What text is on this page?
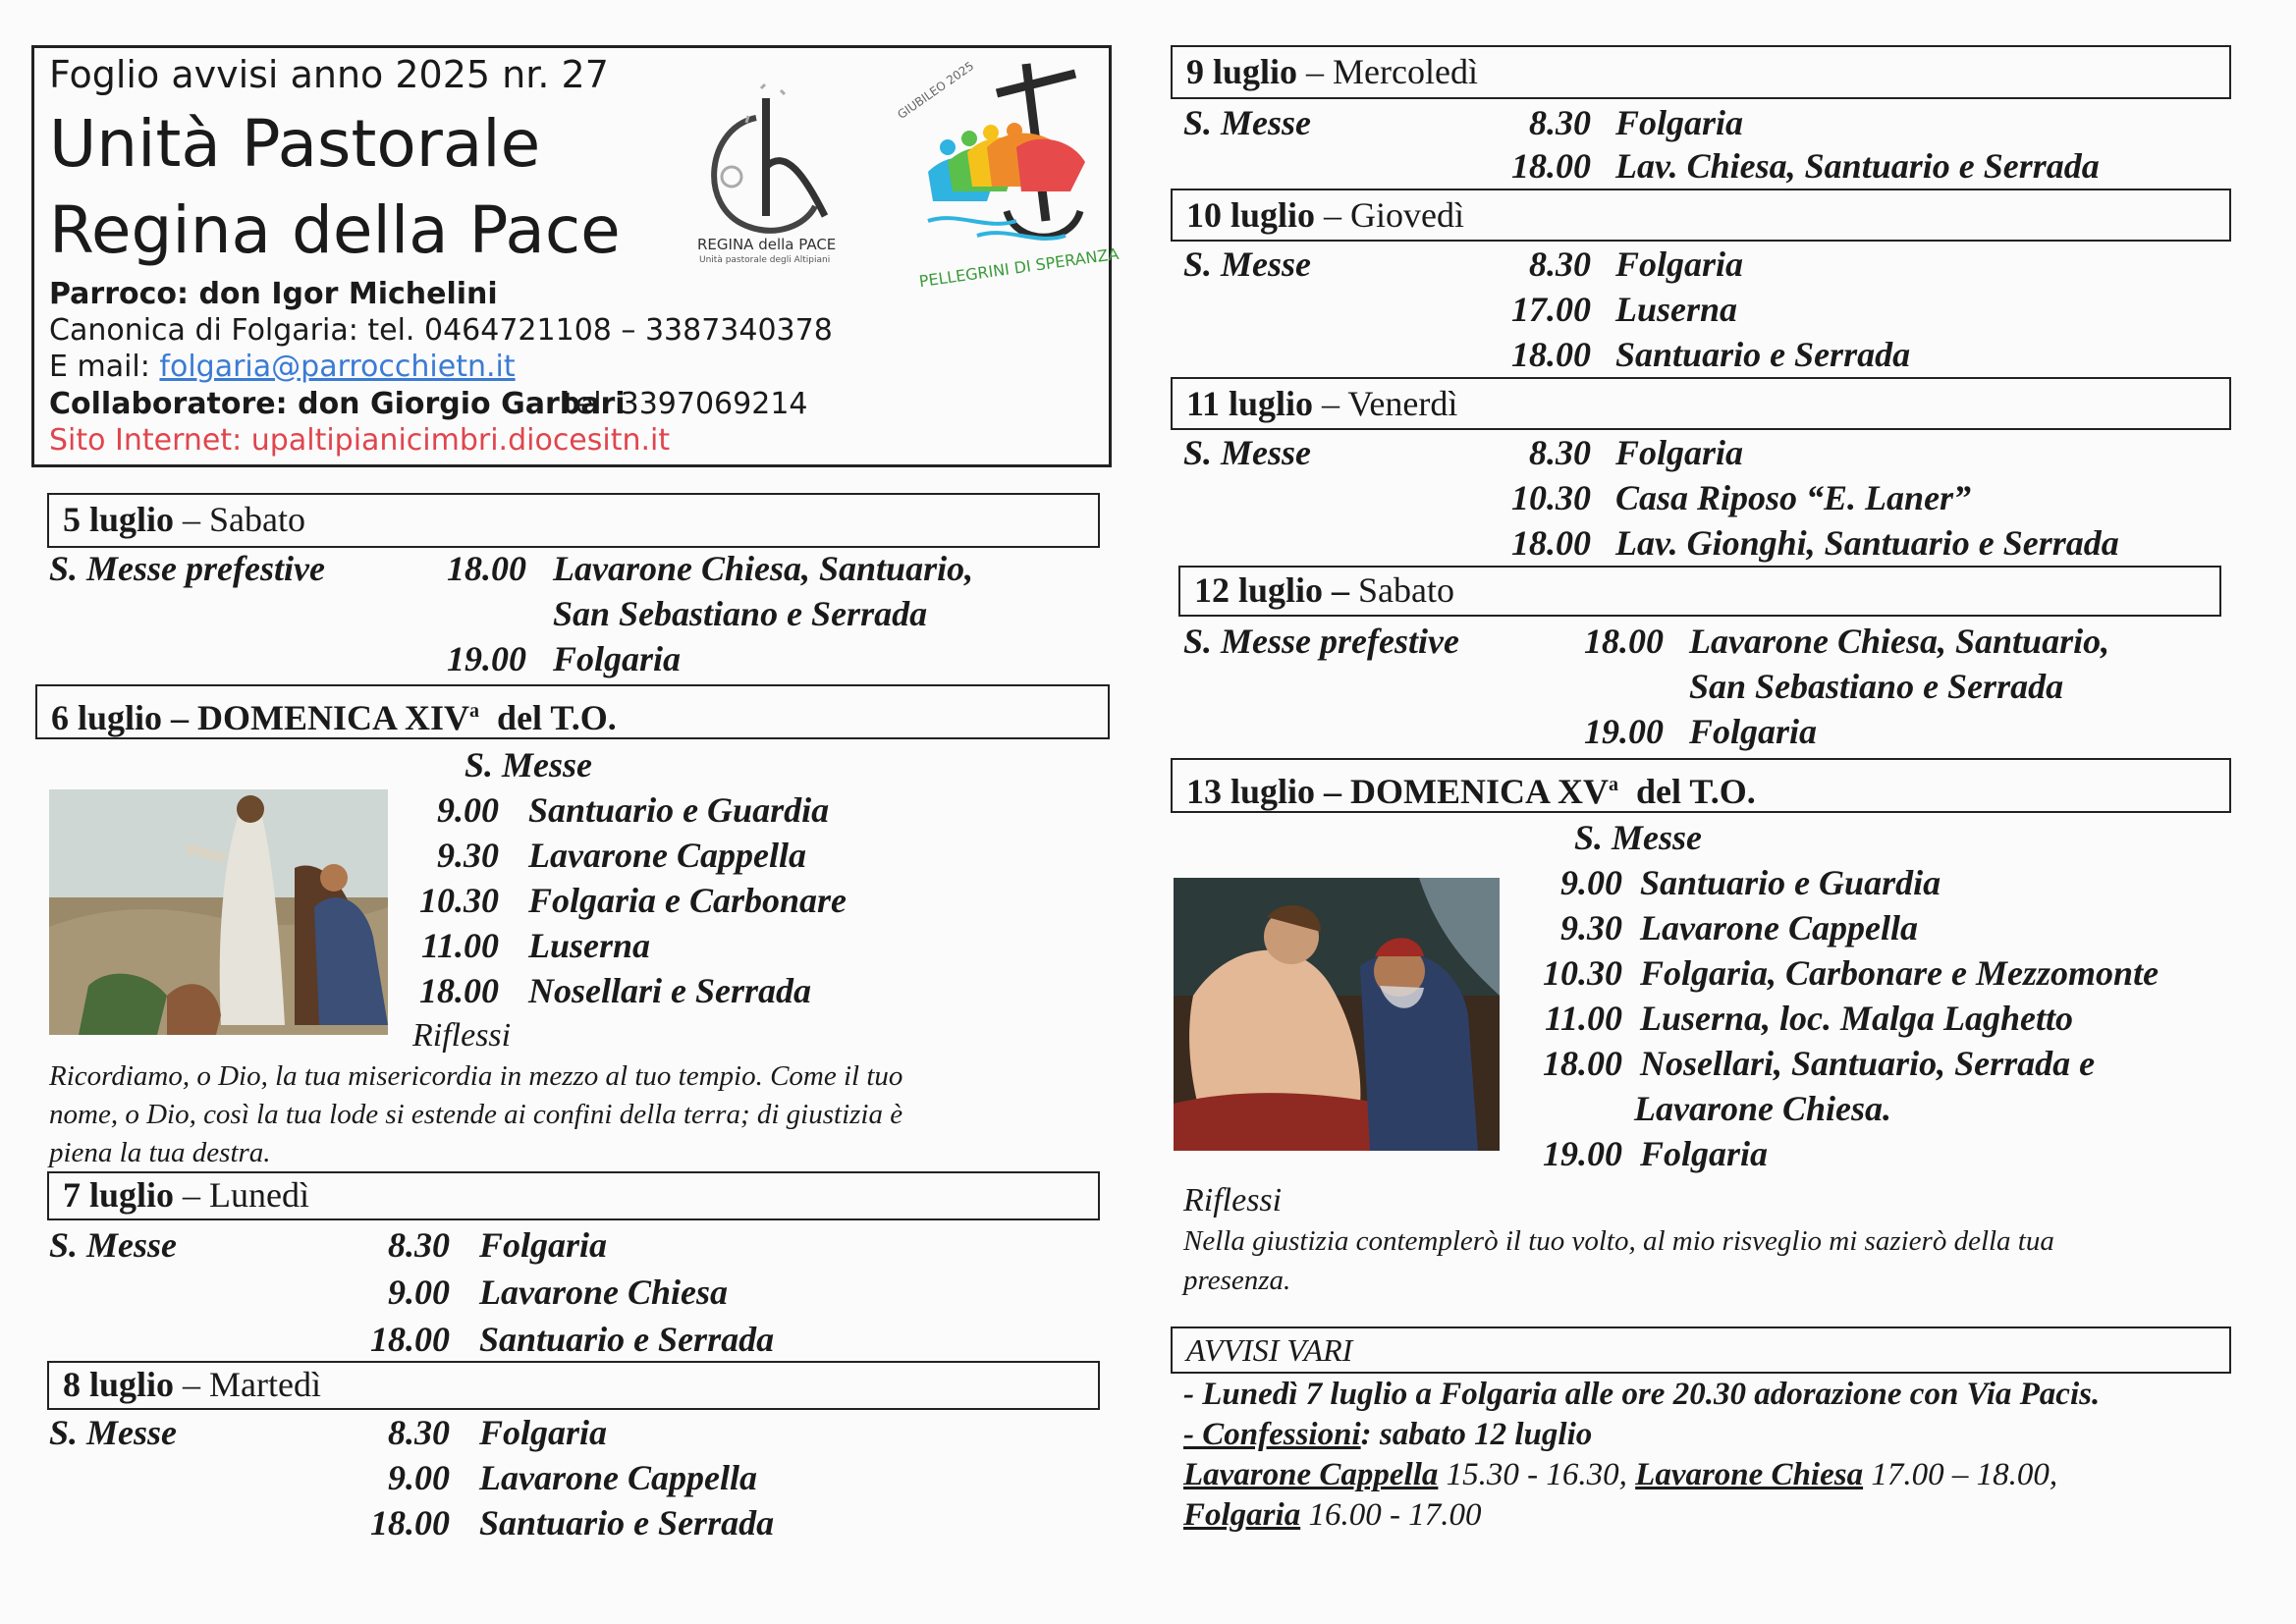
Foglio avvisi anno 2025 nr. 27
Unità Pastorale
Regina della Pace
Parroco: don Igor Michelini
Canonica di Folgaria: tel. 0464721108 – 3387340378
E mail: folgaria@parrocchietn.it
Collaboratore: don Giorgio Garbari
tel. 3397069214
Sito Internet: upaltipianicimbri.diocesitn.it
REGINA della PACE
Unità pastorale degli Altipiani
GIUBILEO 2025
PELLEGRINI DI SPERANZA
5 luglio – Sabato
S. Messe prefestive	18.00 Lavarone Chiesa, Santuario,
San Sebastiano e Serrada
19.00 Folgaria
6 luglio – DOMENICA XIV$^a$  del T.O.
S. Messe
9.00 Santuario e Guardia
9.30 Lavarone Cappella
10.30 Folgaria e Carbonare
11.00 Luserna
18.00 Nosellari e Serrada
Riflessi
Ricordiamo, o Dio, la tua misericordia in mezzo al tuo tempio. Come il tuo
nome, o Dio, così la tua lode si estende ai confini della terra; di giustizia è
piena la tua destra.
7 luglio – Lunedì
S. Messe	8.30 Folgaria
9.00 Lavarone Chiesa
18.00 Santuario e Serrada
8 luglio – Martedì
S. Messe	8.30 Folgaria
9.00 Lavarone Cappella
18.00 Santuario e Serrada
9 luglio – Mercoledì
S. Messe	8.30 Folgaria
18.00 Lav. Chiesa, Santuario e Serrada
10 luglio – Giovedì
S. Messe	8.30 Folgaria
17.00 Luserna
18.00 Santuario e Serrada
11 luglio – Venerdì
S. Messe	8.30 Folgaria
10.30 Casa Riposo “E. Laner”
18.00 Lav. Gionghi, Santuario e Serrada
12 luglio – Sabato
S. Messe prefestive	18.00 Lavarone Chiesa, Santuario,
San Sebastiano e Serrada
19.00 Folgaria
13 luglio – DOMENICA $XV^a$  del T.O.
S. Messe
9.00 Santuario e Guardia
9.30 Lavarone Cappella
10.30 Folgaria, Carbonare e Mezzomonte
11.00 Luserna, loc. Malga Laghetto
18.00 Nosellari, Santuario, Serrada e
Lavarone Chiesa.
19.00 Folgaria
Riflessi
Nella giustizia contemplerò il tuo volto, al mio risveglio mi sazierò della tua
presenza.
AVVISI VARI
- Lunedì 7 luglio a Folgaria alle ore 20.30 adorazione con Via Pacis.
- Confessioni: sabato 12 luglio
Lavarone Cappella 15.30 - 16.30, Lavarone Chiesa 17.00 – 18.00,
Folgaria 16.00 - 17.00
